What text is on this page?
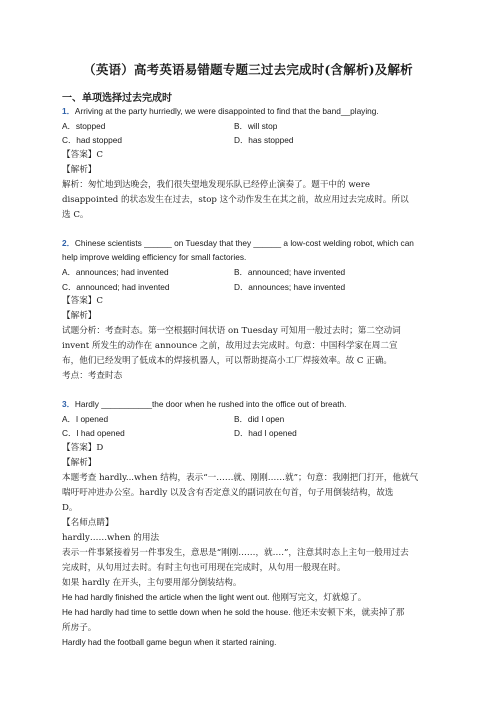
（英语）高考英语易错题专题三过去完成时(含解析)及解析
一、单项选择过去完成时
1．Arriving at the party hurriedly, we were disappointed to find that the band__playing.
A．stopped	B．will stop
C．had stopped	D．has stopped
【答案】C
【解析】
解析：匆忙地到达晚会，我们很失望地发现乐队已经停止演奏了。题干中的 were
disappointed 的状态发生在过去，stop 这个动作发生在其之前，故应用过去完成时。所以
选 C。
2．Chinese scientists ______ on Tuesday that they ______ a low-cost welding robot, which can
help improve welding efficiency for small factories.
A．announces; had invented	B．announced; have invented
C．announced; had invented	D．announces; have invented
【答案】C
【解析】
试题分析：考查时态。第一空根据时间状语 on Tuesday 可知用一般过去时；第二空动词
invent 所发生的动作在 announce 之前，故用过去完成时。句意：中国科学家在周二宣
布，他们已经发明了低成本的焊接机器人，可以帮助提高小工厂焊接效率。故 C 正确。
考点：考查时态
3．Hardly ___________the door when he rushed into the office out of breath.
A．I opened	B．did I open
C．I had opened	D．had I opened
【答案】D
【解析】
本题考查 hardly...when 结构，表示“一……就、刚刚……就”；句意：我刚把门打开，他就气
喘吁吁冲进办公室。hardly 以及含有否定意义的副词放在句首，句子用倒装结构，故选
D。
【名师点睛】
hardly……when 的用法
表示一件事紧接着另一件事发生，意思是“刚刚……，就….”，注意其时态上主句一般用过去
完成时，从句用过去时。有时主句也可用现在完成时，从句用一般现在时。
如果 hardly 在开头，主句要用部分倒装结构。
He had hardly finished the article when the light went out. 他刚写完文，灯就熄了。
He had hardly had time to settle down when he sold the house. 他还未安顿下来，就卖掉了那
所房子。
Hardly had the football game begun when it started raining.
